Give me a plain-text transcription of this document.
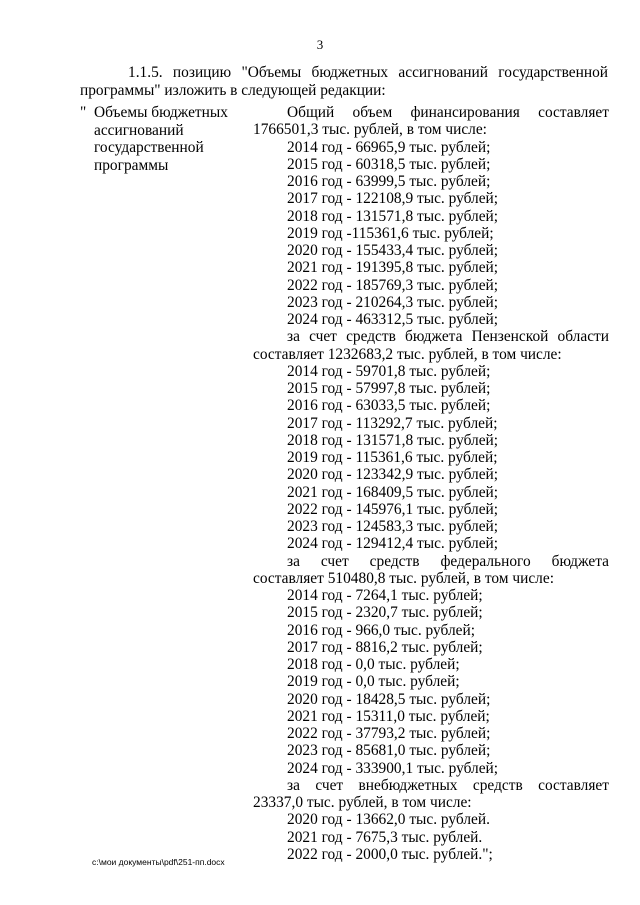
3
1.1.5. позицию "Объемы бюджетных ассигнований государственной программы" изложить в следующей редакции:
" Объемы бюджетных
ассигнований
государственной
программы
Общий объем финансирования составляет
1766501,3 тыс. рублей, в том числе:
2014 год - 66965,9 тыс. рублей;
2015 год - 60318,5 тыс. рублей;
2016 год - 63999,5 тыс. рублей;
2017 год - 122108,9 тыс. рублей;
2018 год - 131571,8 тыс. рублей;
2019 год -115361,6 тыс. рублей;
2020 год - 155433,4 тыс. рублей;
2021 год - 191395,8 тыс. рублей;
2022 год - 185769,3 тыс. рублей;
2023 год - 210264,3 тыс. рублей;
2024 год - 463312,5 тыс. рублей;
за счет средств бюджета Пензенской области
составляет 1232683,2 тыс. рублей, в том числе:
2014 год - 59701,8 тыс. рублей;
2015 год - 57997,8 тыс. рублей;
2016 год - 63033,5 тыс. рублей;
2017 год - 113292,7 тыс. рублей;
2018 год - 131571,8 тыс. рублей;
2019 год - 115361,6 тыс. рублей;
2020 год - 123342,9 тыс. рублей;
2021 год - 168409,5 тыс. рублей;
2022 год - 145976,1 тыс. рублей;
2023 год - 124583,3 тыс. рублей;
2024 год - 129412,4 тыс. рублей;
за счет средств федерального бюджета
составляет 510480,8 тыс. рублей, в том числе:
2014 год - 7264,1 тыс. рублей;
2015 год - 2320,7 тыс. рублей;
2016 год - 966,0 тыс. рублей;
2017 год - 8816,2 тыс. рублей;
2018 год - 0,0 тыс. рублей;
2019 год - 0,0 тыс. рублей;
2020 год - 18428,5 тыс. рублей;
2021 год - 15311,0 тыс. рублей;
2022 год - 37793,2 тыс. рублей;
2023 год - 85681,0 тыс. рублей;
2024 год - 333900,1 тыс. рублей;
за счет внебюджетных средств составляет
23337,0 тыс. рублей, в том числе:
2020 год - 13662,0 тыс. рублей.
2021 год - 7675,3 тыс. рублей.
2022 год - 2000,0 тыс. рублей.";
c:\мои документы\pdf\251-пп.docx
